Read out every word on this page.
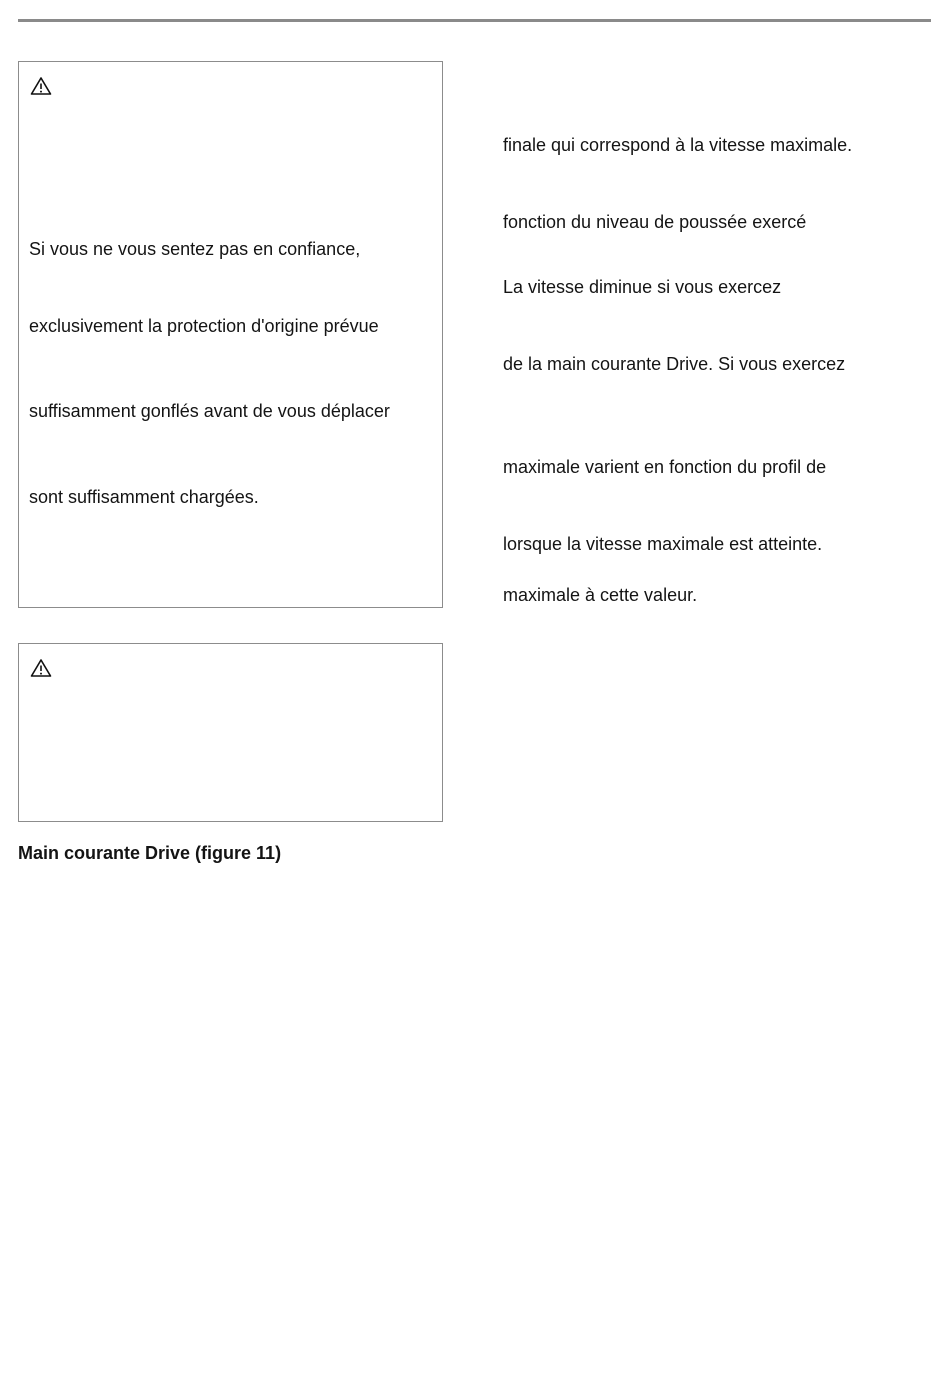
Si vous ne vous sentez pas en confiance,

exclusivement la protection d'origine prévue

suffisamment gonflés avant de vous déplacer

sont suffisamment chargées.

Main courante Drive (figure 11)

finale qui correspond à la vitesse maximale.

fonction du niveau de poussée exercé

La vitesse diminue si vous exercez

de la main courante Drive. Si vous exercez

maximale varient en fonction du profil de

lorsque la vitesse maximale est atteinte.

maximale à cette valeur.
